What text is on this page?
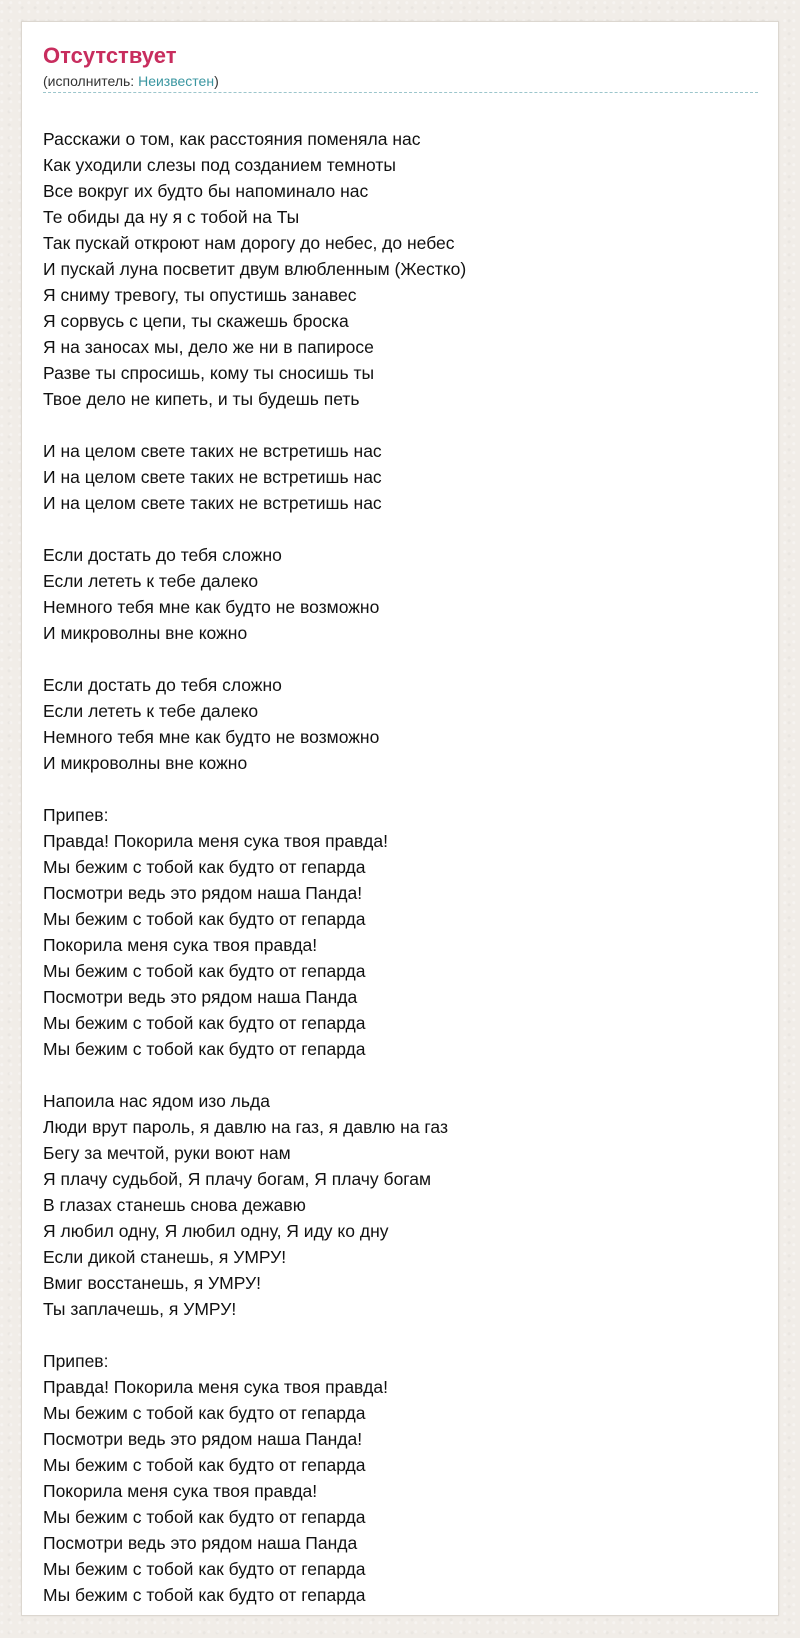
Отсутствует
(исполнитель: Неизвестен)
Расскажи о том, как расстояния поменяла нас
Как уходили слезы под созданием темноты
Все вокруг их будто бы напоминало нас
Те обиды да ну я с тобой на Ты
Так пускай откроют нам дорогу до небес, до небес
И пускай луна посветит двум влюбленным (Жестко)
Я сниму тревогу, ты опустишь занавес
Я сорвусь с цепи, ты скажешь броска
Я на заносах мы, дело же ни в папиросе
Разве ты спросишь, кому ты сносишь ты
Твое дело не кипеть, и ты будешь петь
И на целом свете таких не встретишь нас
И на целом свете таких не встретишь нас
И на целом свете таких не встретишь нас
Если достать до тебя сложно
Если лететь к тебе далеко
Немного тебя мне как будто не возможно
И микроволны вне кожно
Если достать до тебя сложно
Если лететь к тебе далеко
Немного тебя мне как будто не возможно
И микроволны вне кожно
Припев:
Правда! Покорила меня сука твоя правда!
Мы бежим с тобой как будто от гепарда
Посмотри ведь это рядом наша Панда!
Мы бежим с тобой как будто от гепарда
Покорила меня сука твоя правда!
Мы бежим с тобой как будто от гепарда
Посмотри ведь это рядом наша Панда
Мы бежим с тобой как будто от гепарда
Мы бежим с тобой как будто от гепарда
Напоила нас ядом изо льда
Люди врут пароль, я давлю на газ, я давлю на газ
Бегу за мечтой, руки воют нам
Я плачу судьбой, Я плачу богам, Я плачу богам
В глазах станешь снова дежавю
Я любил одну, Я любил одну, Я иду ко дну
Если дикой станешь, я УМРУ!
Вмиг восстанешь, я УМРУ!
Ты заплачешь, я УМРУ!
Припев:
Правда! Покорила меня сука твоя правда!
Мы бежим с тобой как будто от гепарда
Посмотри ведь это рядом наша Панда!
Мы бежим с тобой как будто от гепарда
Покорила меня сука твоя правда!
Мы бежим с тобой как будто от гепарда
Посмотри ведь это рядом наша Панда
Мы бежим с тобой как будто от гепарда
Мы бежим с тобой как будто от гепарда
